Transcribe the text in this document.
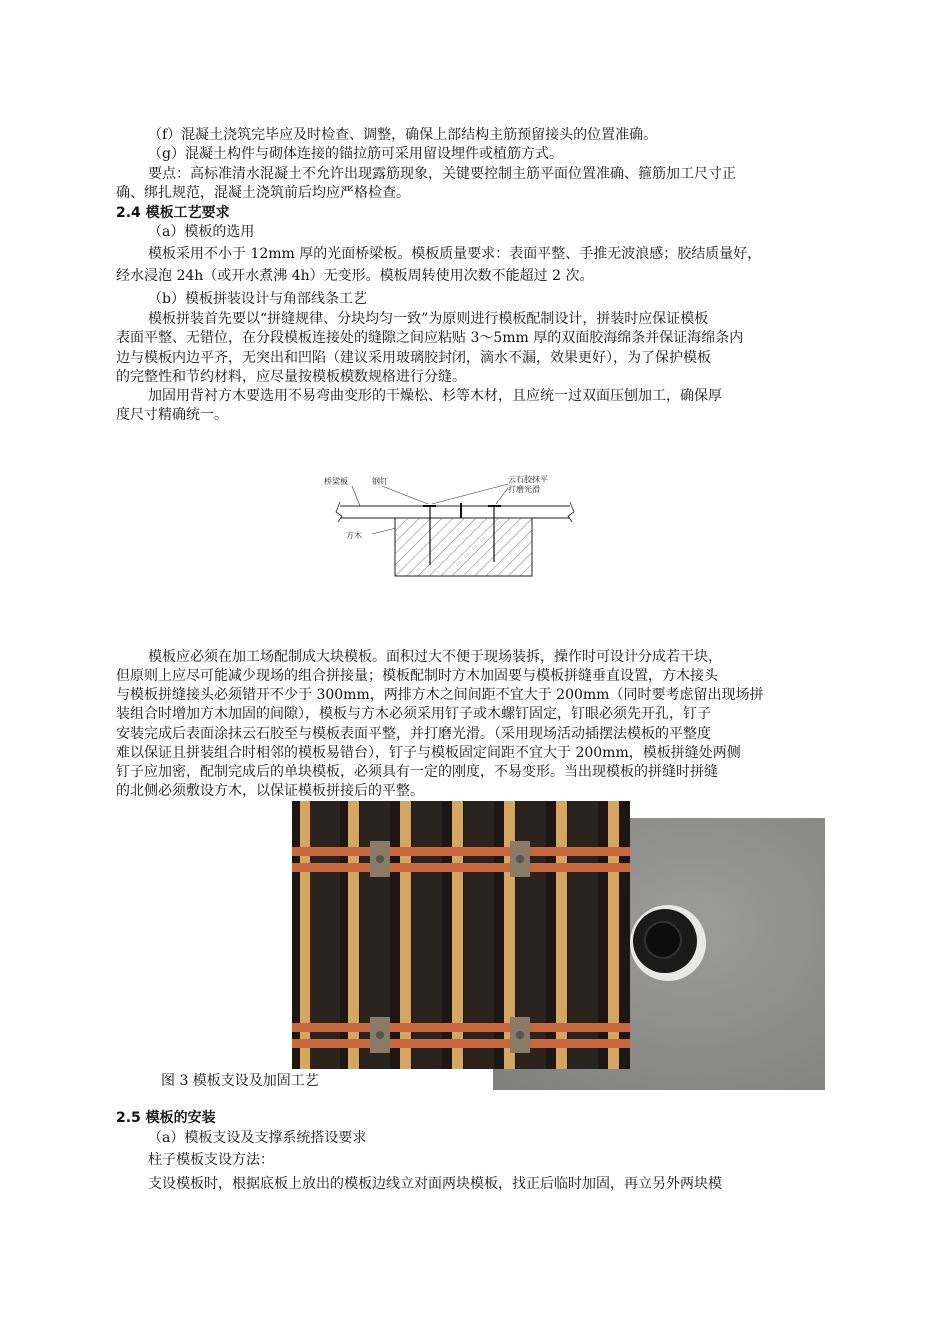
（f）混凝土浇筑完毕应及时检查、调整，确保上部结构主筋预留接头的位置准确。
（g）混凝土构件与砌体连接的锚拉筋可采用留设埋件或植筋方式。
要点：高标准清水混凝土不允许出现露筋现象，关键要控制主筋平面位置准确、箍筋加工尺寸正
确、绑扎规范，混凝土浇筑前后均应严格检查。
2.4 模板工艺要求
（a）模板的选用
模板采用不小于 12mm 厚的光面桥梁板。模板质量要求：表面平整、手推无波浪感；胶结质量好，
经水浸泡 24h（或开水煮沸 4h）无变形。模板周转使用次数不能超过 2 次。
（b）模板拼装设计与角部线条工艺
模板拼装首先要以“拼缝规律、分块均匀一致”为原则进行模板配制设计，拼装时应保证模板
表面平整、无错位，在分段模板连接处的缝隙之间应粘贴 3～5mm 厚的双面胶海绵条并保证海绵条内
边与模板内边平齐，无突出和凹陷（建议采用玻璃胶封闭，滴水不漏，效果更好），为了保护模板
的完整性和节约材料，应尽量按模板模数规格进行分缝。
加固用背衬方木要选用不易弯曲变形的干燥松、杉等木材，且应统一过双面压刨加工，确保厚
度尺寸精确统一。
桥梁板	钢钉	云石胶抹平
打磨光滑
方木
模板应必须在加工场配制成大块模板。面积过大不便于现场装拆，操作时可设计分成若干块，
但原则上应尽可能减少现场的组合拼接量；模板配制时方木加固要与模板拼缝垂直设置，方木接头
与模板拼缝接头必须错开不少于 300mm，两排方木之间间距不宜大于 200mm（同时要考虑留出现场拼
装组合时增加方木加固的间隙），模板与方木必须采用钉子或木螺钉固定，钉眼必须先开孔，钉子
安装完成后表面涂抹云石胶至与模板表面平整，并打磨光滑。（采用现场活动插摆法模板的平整度
难以保证且拼装组合时相邻的模板易错台），钉子与模板固定间距不宜大于 200mm，模板拼缝处两侧
钉子应加密，配制完成后的单块模板，必须具有一定的刚度，不易变形。当出现模板的拼缝时拼缝
的北侧必须敷设方木，以保证模板拼接后的平整。
图 3 模板支设及加固工艺
2.5 模板的安装
（a）模板支设及支撑系统搭设要求
柱子模板支设方法：
支设模板时，根据底板上放出的模板边线立对面两块模板，找正后临时加固，再立另外两块模
